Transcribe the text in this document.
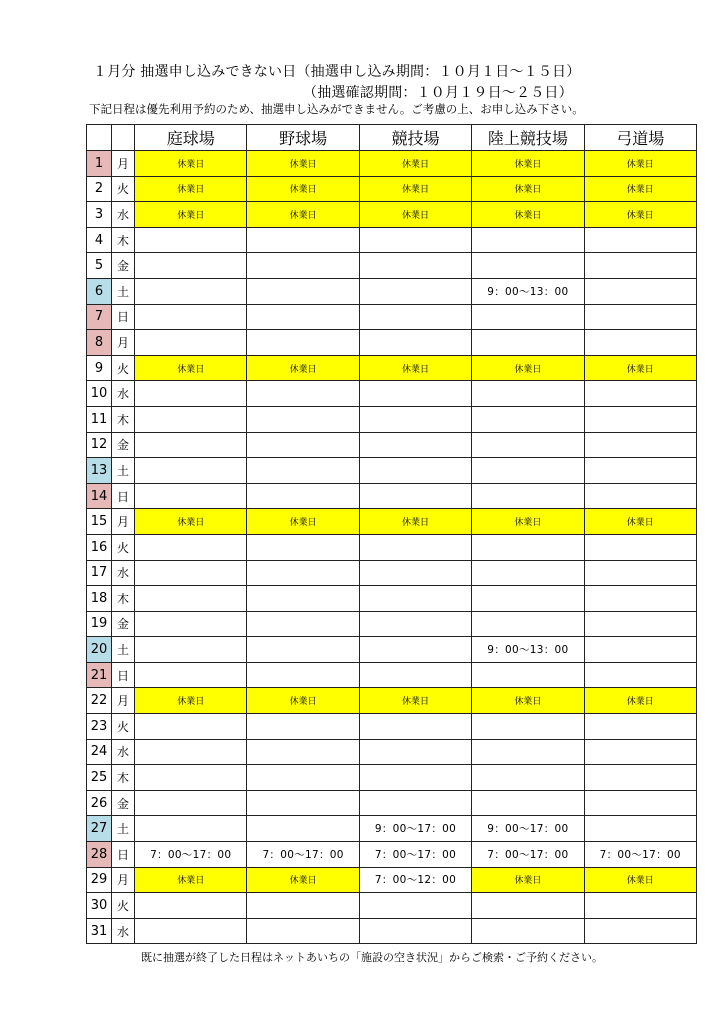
１月分 抽選申し込みできない日（抽選申し込み期間：１０月１日～１５日）
（抽選確認期間：１０月１９日～２５日）
下記日程は優先利用予約のため、抽選申し込みができません。ご考慮の上、お申し込み下さい。
		庭球場	野球場	競技場	陸上競技場	弓道場
1	月	休業日	休業日	休業日	休業日	休業日
2	火	休業日	休業日	休業日	休業日	休業日
3	水	休業日	休業日	休業日	休業日	休業日
4	木					
5	金					
6	土				9：00～13：00	
7	日					
8	月					
9	火	休業日	休業日	休業日	休業日	休業日
10	水					
11	木					
12	金					
13	土					
14	日					
15	月	休業日	休業日	休業日	休業日	休業日
16	火					
17	水					
18	木					
19	金					
20	土				9：00～13：00	
21	日					
22	月	休業日	休業日	休業日	休業日	休業日
23	火					
24	水					
25	木					
26	金					
27	土			9：00～17：00	9：00～17：00	
28	日	7：00～17：00	7：00～17：00	7：00～17：00	7：00～17：00	7：00～17：00
29	月	休業日	休業日	7：00～12：00	休業日	休業日
30	火					
31	水					
既に抽選が終了した日程はネットあいちの「施設の空き状況」からご検索・ご予約ください。
